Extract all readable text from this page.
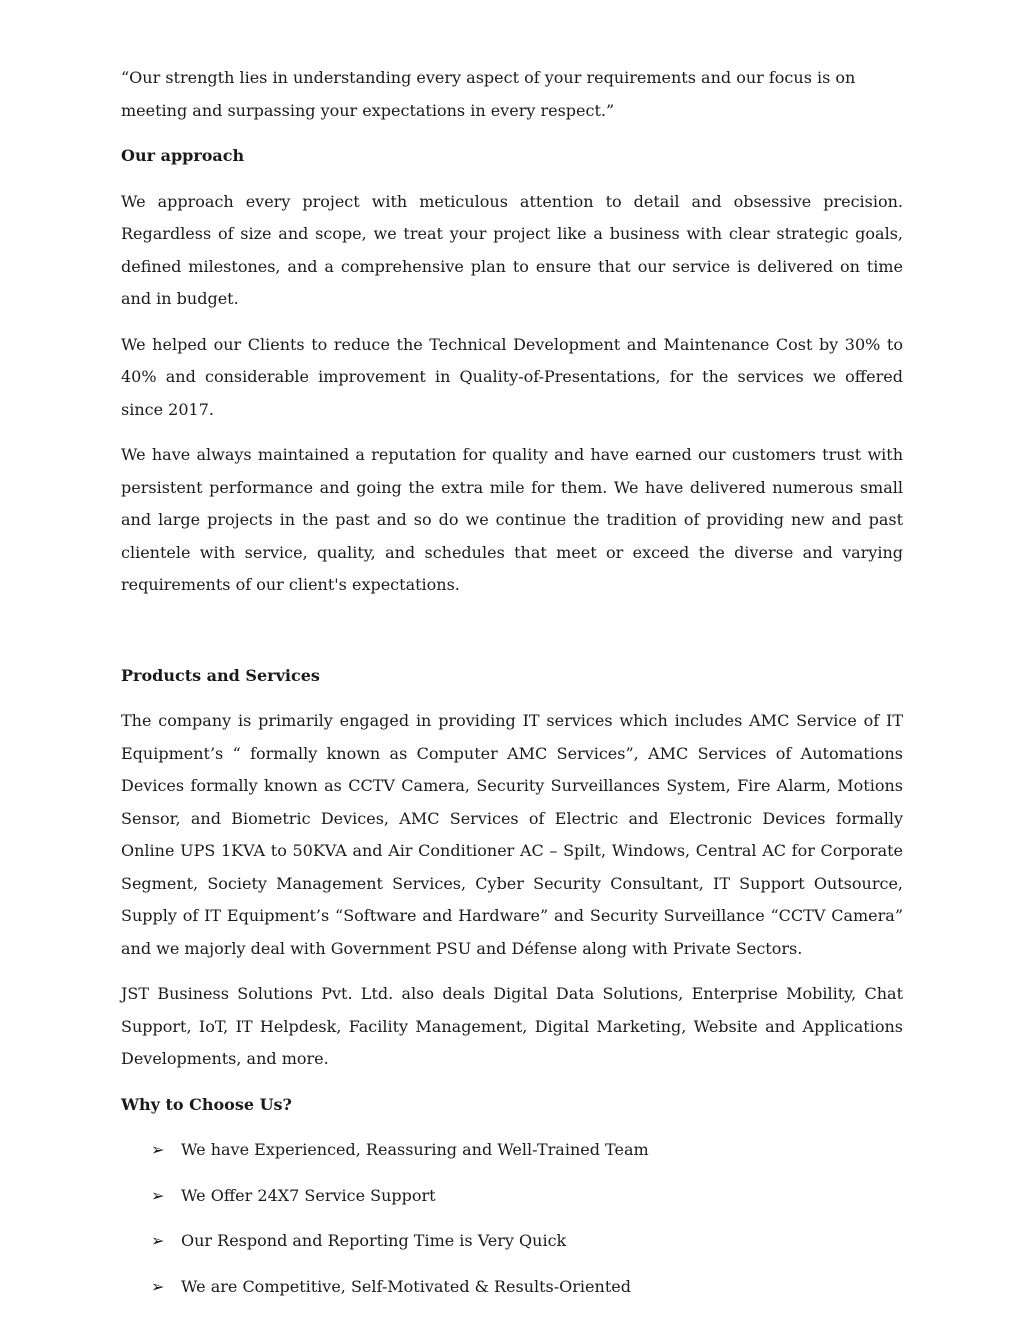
“Our strength lies in understanding every aspect of your requirements and our focus is on meeting and surpassing your expectations in every respect.”

Our approach

We approach every project with meticulous attention to detail and obsessive precision. Regardless of size and scope, we treat your project like a business with clear strategic goals, defined milestones, and a comprehensive plan to ensure that our service is delivered on time and in budget.

We helped our Clients to reduce the Technical Development and Maintenance Cost by 30% to 40% and considerable improvement in Quality-of-Presentations, for the services we offered since 2017.

We have always maintained a reputation for quality and have earned our customers trust with persistent performance and going the extra mile for them. We have delivered numerous small and large projects in the past and so do we continue the tradition of providing new and past clientele with service, quality, and schedules that meet or exceed the diverse and varying requirements of our client's expectations.

Products and Services

The company is primarily engaged in providing IT services which includes AMC Service of IT Equipment’s “ formally known as Computer AMC Services”, AMC Services of Automations Devices formally known as CCTV Camera, Security Surveillances System, Fire Alarm, Motions Sensor, and Biometric Devices, AMC Services of Electric and Electronic Devices formally Online UPS 1KVA to 50KVA and Air Conditioner AC – Spilt, Windows, Central AC for Corporate Segment, Society Management Services, Cyber Security Consultant, IT Support Outsource, Supply of IT Equipment’s “Software and Hardware” and Security Surveillance “CCTV Camera” and we majorly deal with Government PSU and Défense along with Private Sectors.

JST Business Solutions Pvt. Ltd. also deals Digital Data Solutions, Enterprise Mobility, Chat Support, IoT, IT Helpdesk, Facility Management, Digital Marketing, Website and Applications Developments, and more.

Why to Choose Us?
➢	We have Experienced, Reassuring and Well-Trained Team
➢	We Offer 24X7 Service Support
➢	Our Respond and Reporting Time is Very Quick
➢	We are Competitive, Self-Motivated & Results-Oriented
